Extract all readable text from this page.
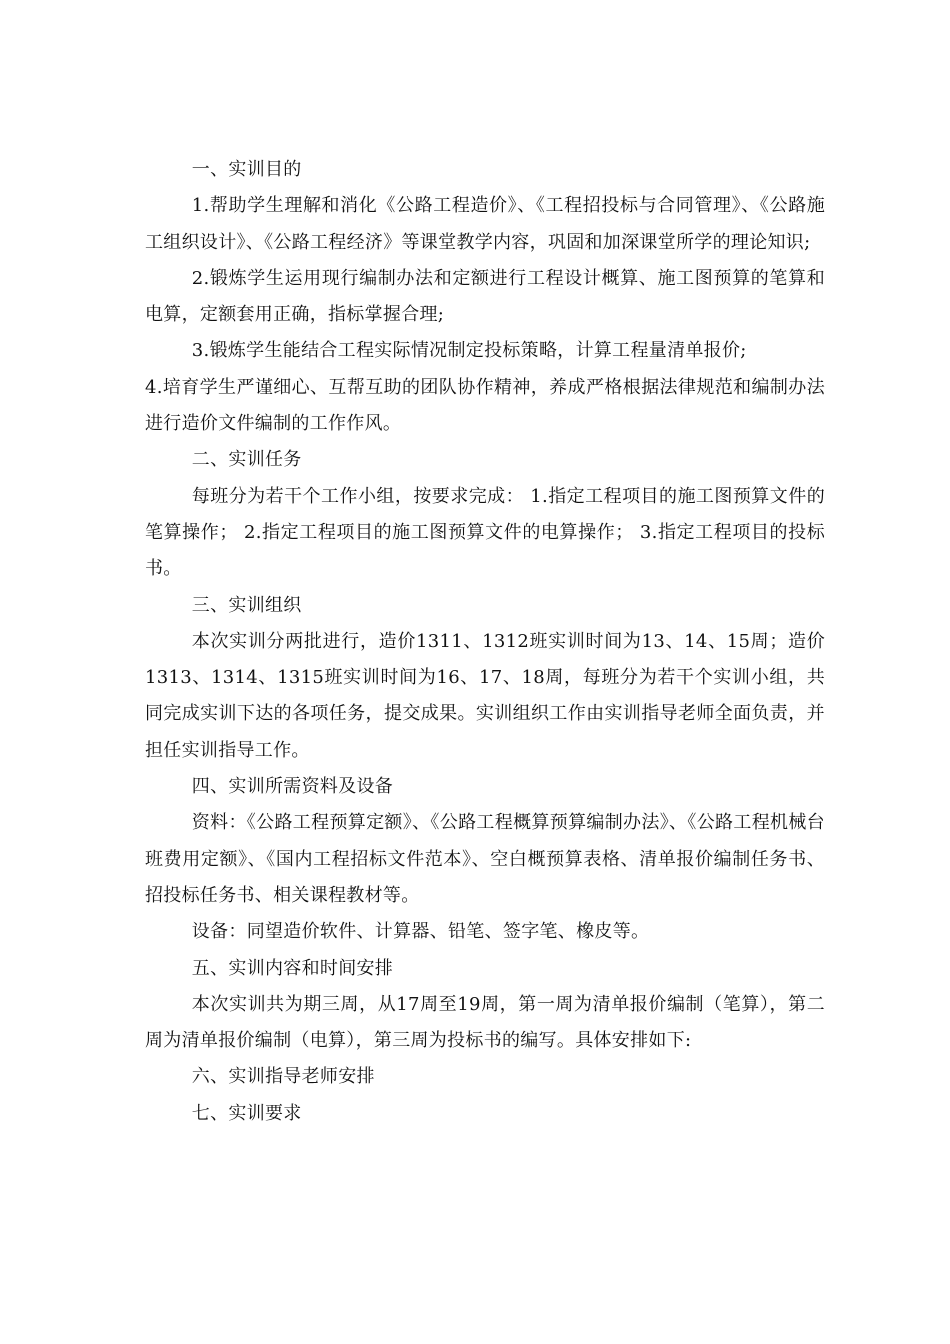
一、实训目的

1.帮助学生理解和消化《公路工程造价》、《工程招投标与合同管理》、《公路施工组织设计》、《公路工程经济》等课堂教学内容，巩固和加深课堂所学的理论知识;

2.锻炼学生运用现行编制办法和定额进行工程设计概算、施工图预算的笔算和电算，定额套用正确，指标掌握合理;

3.锻炼学生能结合工程实际情况制定投标策略，计算工程量清单报价;

4.培育学生严谨细心、互帮互助的团队协作精神，养成严格根据法律规范和编制办法进行造价文件编制的工作作风。

二、实训任务

每班分为若干个工作小组，按要求完成： 1.指定工程项目的施工图预算文件的笔算操作； 2.指定工程项目的施工图预算文件的电算操作； 3.指定工程项目的投标书。

三、实训组织

本次实训分两批进行，造价1311、1312班实训时间为13、14、15周；造价1313、1314、1315班实训时间为16、17、18周，每班分为若干个实训小组，共同完成实训下达的各项任务，提交成果。实训组织工作由实训指导老师全面负责，并担任实训指导工作。

四、实训所需资料及设备

资料：《公路工程预算定额》、《公路工程概算预算编制办法》、《公路工程机械台班费用定额》、《国内工程招标文件范本》、空白概预算表格、清单报价编制任务书、招投标任务书、相关课程教材等。

设备：同望造价软件、计算器、铅笔、签字笔、橡皮等。

五、实训内容和时间安排

本次实训共为期三周，从17周至19周，第一周为清单报价编制（笔算），第二周为清单报价编制（电算），第三周为投标书的编写。具体安排如下:

六、实训指导老师安排

七、实训要求
